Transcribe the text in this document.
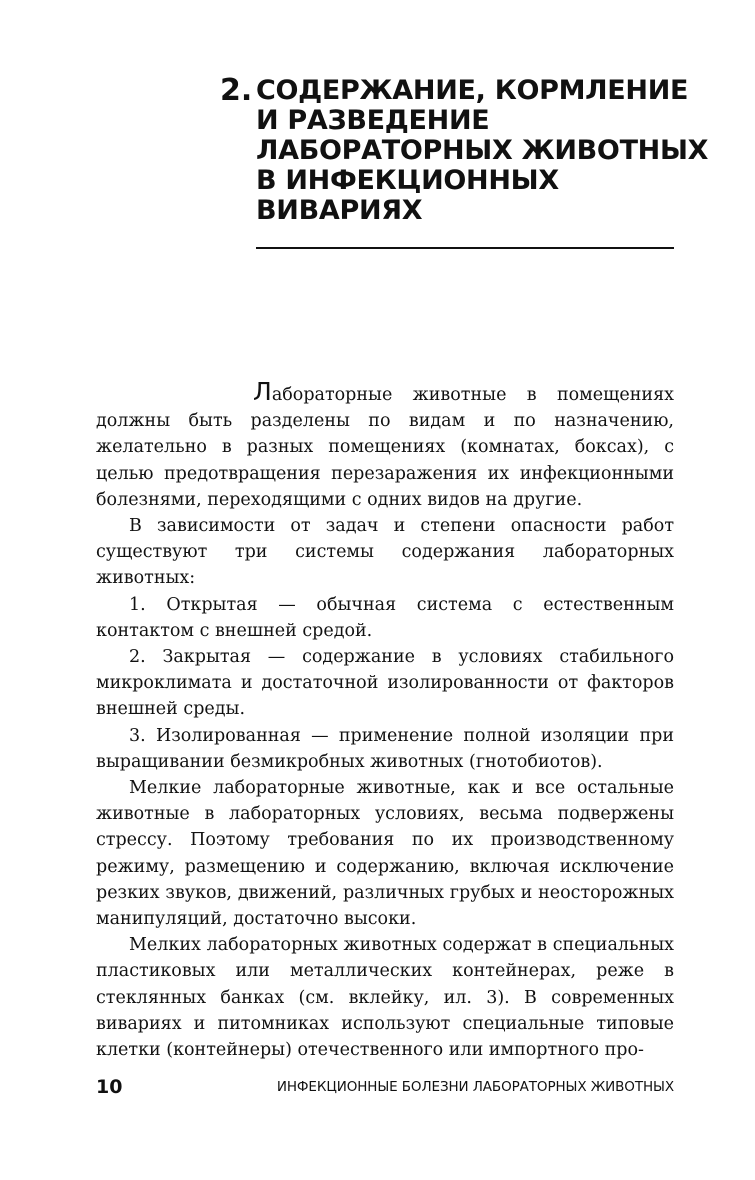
2. СОДЕРЖАНИЕ, КОРМЛЕНИЕ
И РАЗВЕДЕНИЕ
ЛАБОРАТОРНЫХ ЖИВОТНЫХ
В ИНФЕКЦИОННЫХ
ВИВАРИЯХ

Лабораторные животные в помещениях должны быть разделены по видам и по назначению, желательно в разных помещениях (комнатах, боксах), с целью предотвращения перезаражения их инфекционными болезнями, переходящими с одних видов на другие.

В зависимости от задач и степени опасности работ существуют три системы содержания лабораторных животных:

1. Открытая — обычная система с естественным контактом с внешней средой.

2. Закрытая — содержание в условиях стабильного микроклимата и достаточной изолированности от факторов внешней среды.

3. Изолированная — применение полной изоляции при выращивании безмикробных животных (гнотобиотов).

Мелкие лабораторные животные, как и все остальные животные в лабораторных условиях, весьма подвержены стрессу. Поэтому требования по их производственному режиму, размещению и содержанию, включая исключение резких звуков, движений, различных грубых и неосторожных манипуляций, достаточно высоки.

Мелких лабораторных животных содержат в специальных пластиковых или металлических контейнерах, реже в стеклянных банках (см. вклейку, ил. 3). В современных вивариях и питомниках используют специальные типовые клетки (контейнеры) отечественного или импортного про-

10	ИНФЕКЦИОННЫЕ БОЛЕЗНИ ЛАБОРАТОРНЫХ ЖИВОТНЫХ
